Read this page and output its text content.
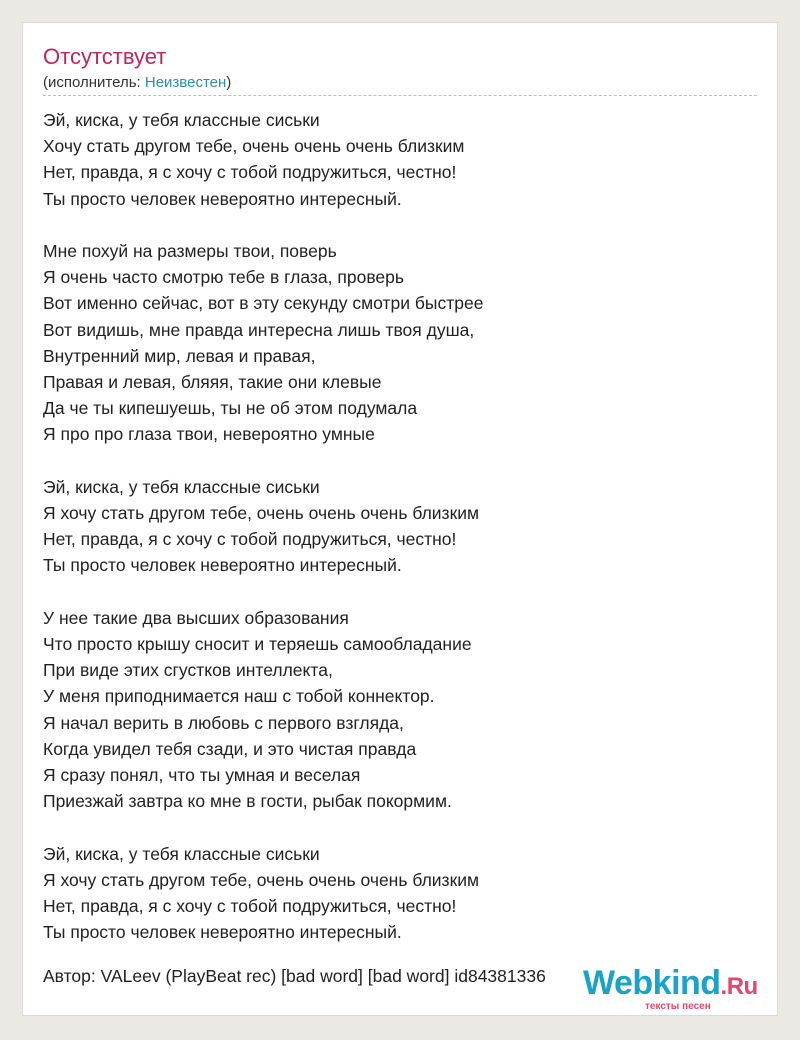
Отсутствует
(исполнитель: Неизвестен)
Эй, киска, у тебя классные сиськи
Хочу стать другом тебе, очень очень очень близким
Нет, правда, я с хочу с тобой подружиться, честно!
Ты просто человек невероятно интересный.
Мне похуй на размеры твои, поверь
Я очень часто смотрю тебе в глаза, проверь
Вот именно сейчас, вот в эту секунду смотри быстрее
Вот видишь, мне правда интересна лишь твоя душа,
Внутренний мир, левая и правая,
Правая и левая, бляяя, такие они клевые
Да че ты кипешуешь, ты не об этом подумала
Я про про глаза твои, невероятно умные
Эй, киска, у тебя классные сиськи
Я хочу стать другом тебе, очень очень очень близким
Нет, правда, я с хочу с тобой подружиться, честно!
Ты просто человек невероятно интересный.
У нее такие два высших образования
Что просто крышу сносит и теряешь самообладание
При виде этих сгустков интеллекта,
У меня приподнимается наш с тобой коннектор.
Я начал верить в любовь с первого взгляда,
Когда увидел тебя сзади, и это чистая правда
Я сразу понял, что ты умная и веселая
Приезжай завтра ко мне в гости, рыбак покормим.
Эй, киска, у тебя классные сиськи
Я хочу стать другом тебе, очень очень очень близким
Нет, правда, я с хочу с тобой подружиться, честно!
Ты просто человек невероятно интересный.
Автор: VALeev (PlayBeat rec) [bad word] [bad word] id84381336 Webkind.Ru
тексты песен
